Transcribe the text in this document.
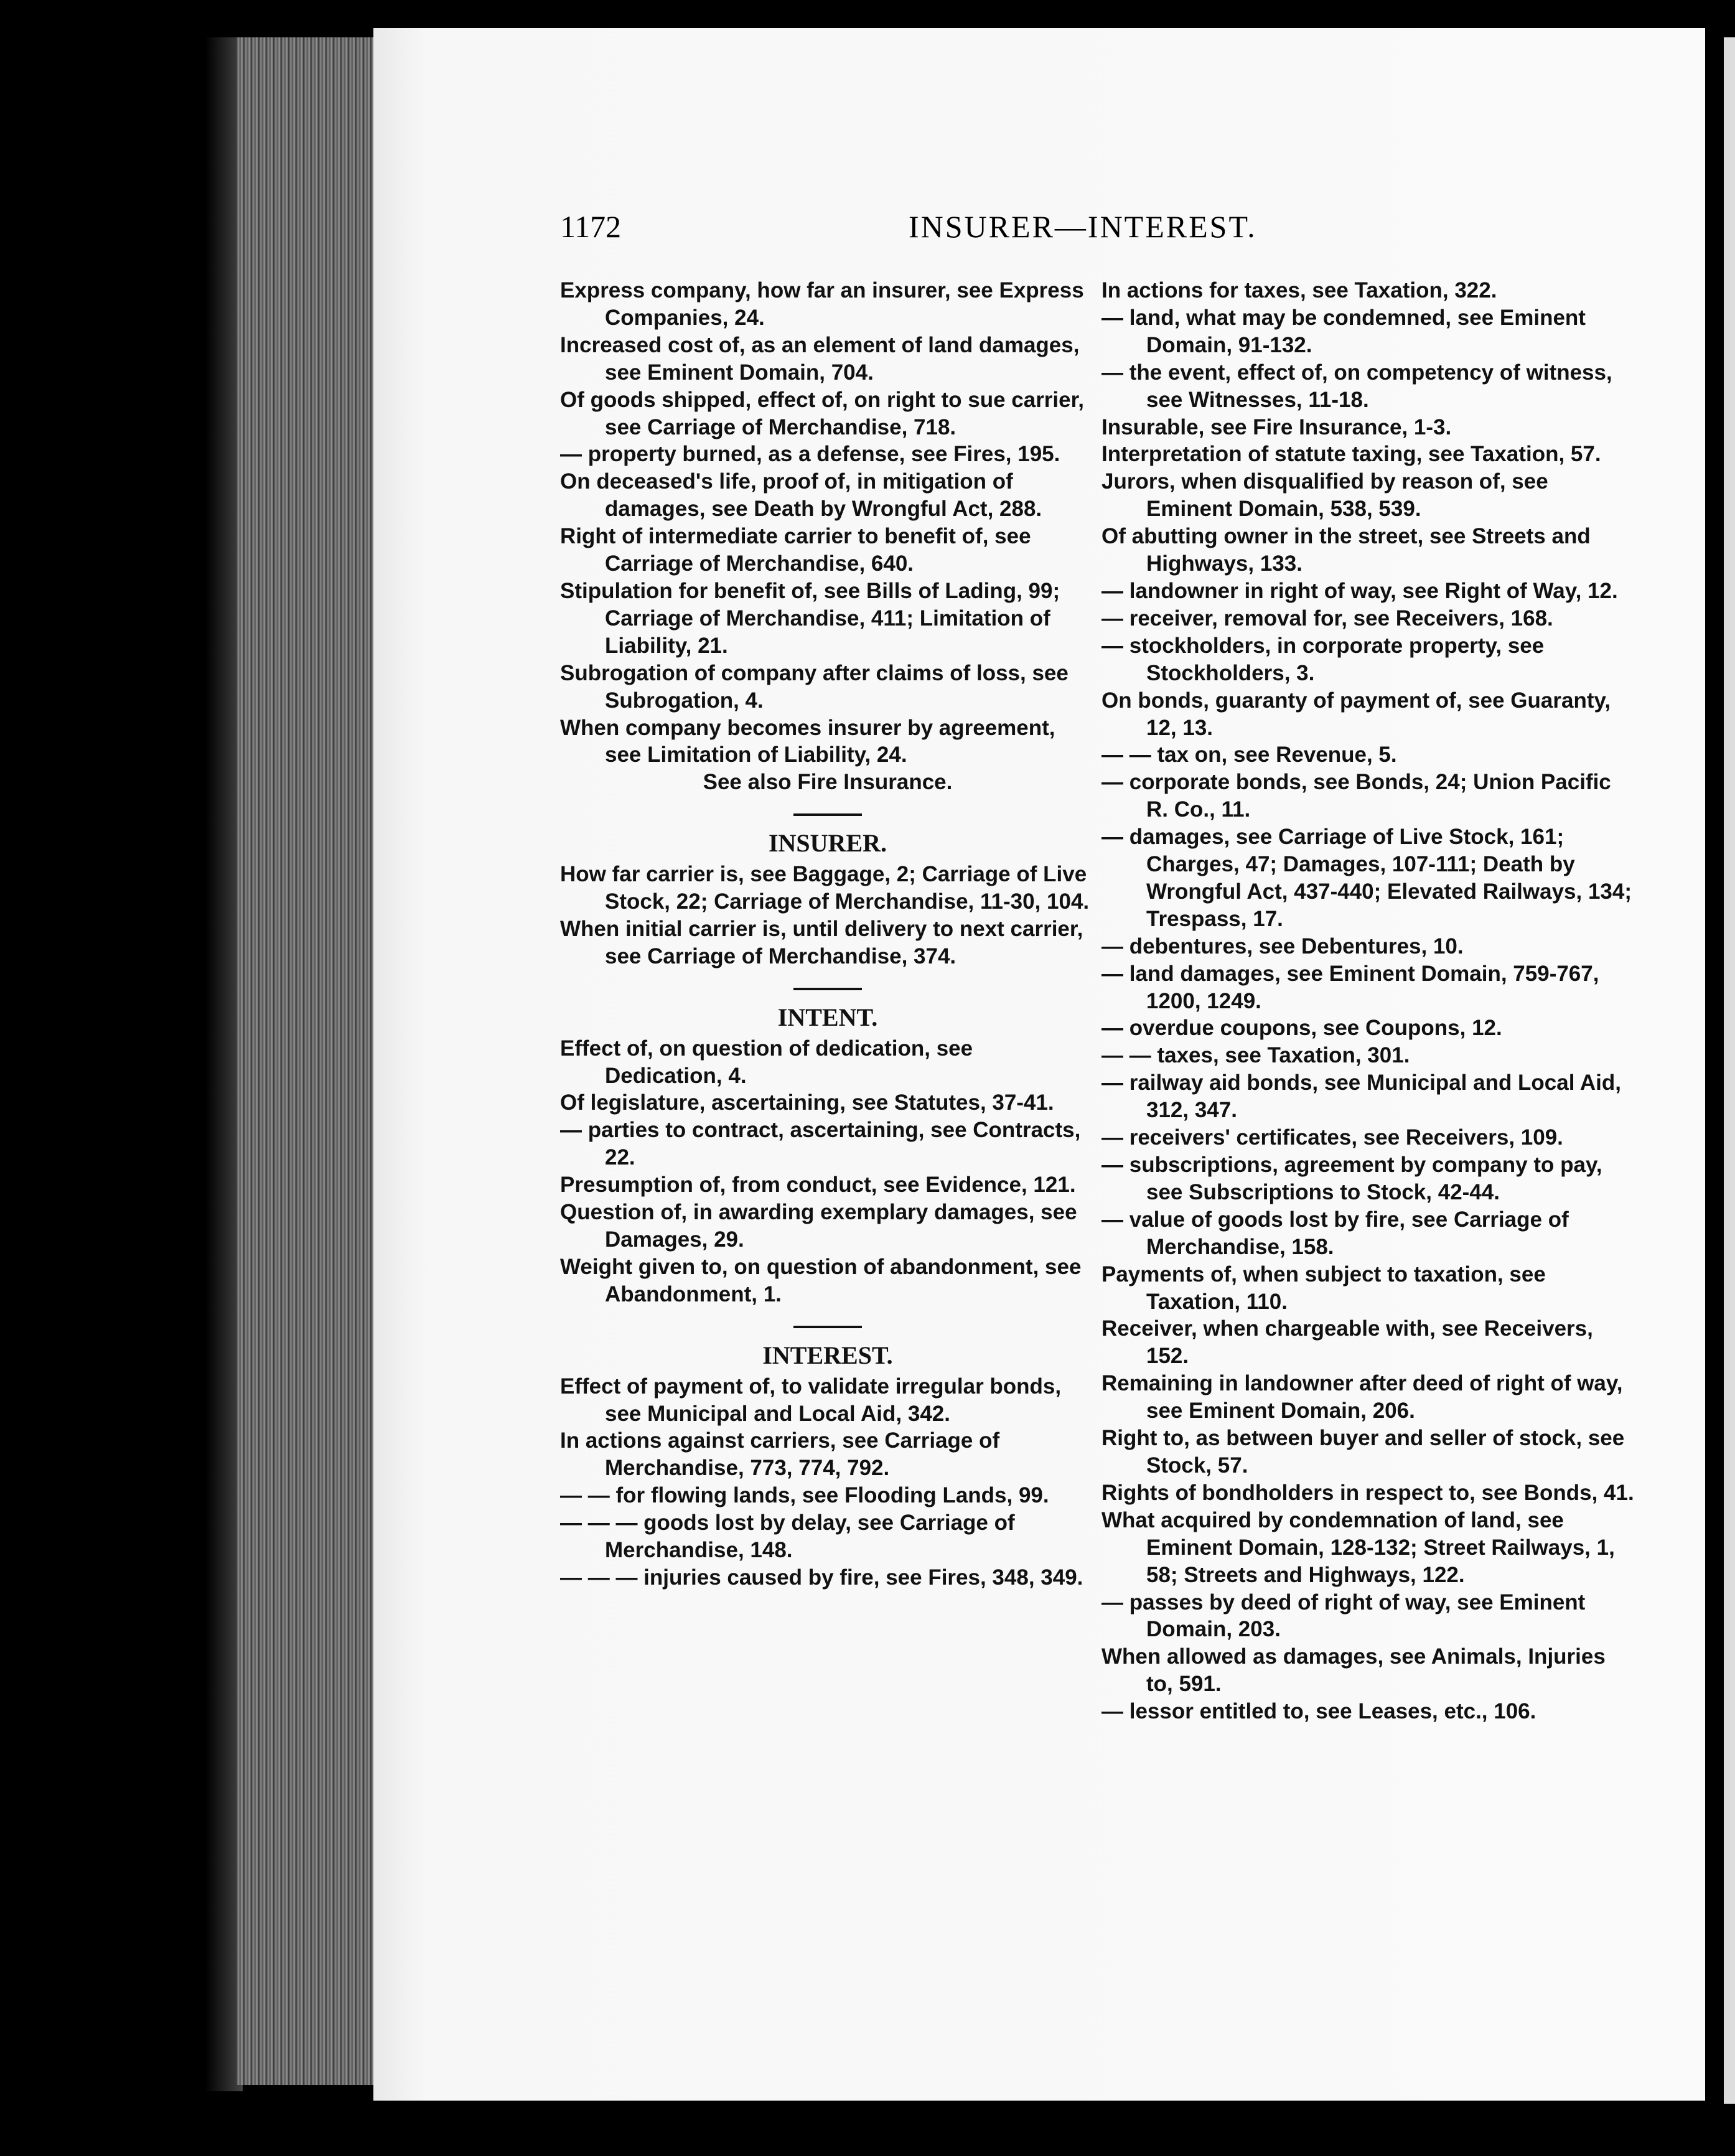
1172	INSURER—INTEREST.

Express company, how far an insurer, see Express Companies, 24.

Increased cost of, as an element of land damages, see Eminent Domain, 704.

Of goods shipped, effect of, on right to sue carrier, see Carriage of Merchandise, 718.

— property burned, as a defense, see Fires, 195.

On deceased's life, proof of, in mitigation of damages, see Death by Wrongful Act, 288.

Right of intermediate carrier to benefit of, see Carriage of Merchandise, 640.

Stipulation for benefit of, see Bills of Lading, 99; Carriage of Merchandise, 411; Limitation of Liability, 21.

Subrogation of company after claims of loss, see Subrogation, 4.

When company becomes insurer by agreement, see Limitation of Liability, 24.

See also Fire Insurance.

INSURER.

How far carrier is, see Baggage, 2; Carriage of Live Stock, 22; Carriage of Merchandise, 11-30, 104.

When initial carrier is, until delivery to next carrier, see Carriage of Merchandise, 374.

INTENT.

Effect of, on question of dedication, see Dedication, 4.

Of legislature, ascertaining, see Statutes, 37-41.

— parties to contract, ascertaining, see Contracts, 22.

Presumption of, from conduct, see Evidence, 121.

Question of, in awarding exemplary damages, see Damages, 29.

Weight given to, on question of abandonment, see Abandonment, 1.

INTEREST.

Effect of payment of, to validate irregular bonds, see Municipal and Local Aid, 342.

In actions against carriers, see Carriage of Merchandise, 773, 774, 792.

— — for flowing lands, see Flooding Lands, 99.

— — — goods lost by delay, see Carriage of Merchandise, 148.

— — — injuries caused by fire, see Fires, 348, 349.

In actions for taxes, see Taxation, 322.

— land, what may be condemned, see Eminent Domain, 91-132.

— the event, effect of, on competency of witness, see Witnesses, 11-18.

Insurable, see Fire Insurance, 1-3.

Interpretation of statute taxing, see Taxation, 57.

Jurors, when disqualified by reason of, see Eminent Domain, 538, 539.

Of abutting owner in the street, see Streets and Highways, 133.

— landowner in right of way, see Right of Way, 12.

— receiver, removal for, see Receivers, 168.

— stockholders, in corporate property, see Stockholders, 3.

On bonds, guaranty of payment of, see Guaranty, 12, 13.

— — tax on, see Revenue, 5.

— corporate bonds, see Bonds, 24; Union Pacific R. Co., 11.

— damages, see Carriage of Live Stock, 161; Charges, 47; Damages, 107-111; Death by Wrongful Act, 437-440; Elevated Railways, 134; Trespass, 17.

— debentures, see Debentures, 10.

— land damages, see Eminent Domain, 759-767, 1200, 1249.

— overdue coupons, see Coupons, 12.

— — taxes, see Taxation, 301.

— railway aid bonds, see Municipal and Local Aid, 312, 347.

— receivers' certificates, see Receivers, 109.

— subscriptions, agreement by company to pay, see Subscriptions to Stock, 42-44.

— value of goods lost by fire, see Carriage of Merchandise, 158.

Payments of, when subject to taxation, see Taxation, 110.

Receiver, when chargeable with, see Receivers, 152.

Remaining in landowner after deed of right of way, see Eminent Domain, 206.

Right to, as between buyer and seller of stock, see Stock, 57.

Rights of bondholders in respect to, see Bonds, 41.

What acquired by condemnation of land, see Eminent Domain, 128-132; Street Railways, 1, 58; Streets and Highways, 122.

— passes by deed of right of way, see Eminent Domain, 203.

When allowed as damages, see Animals, Injuries to, 591.

— lessor entitled to, see Leases, etc., 106.
